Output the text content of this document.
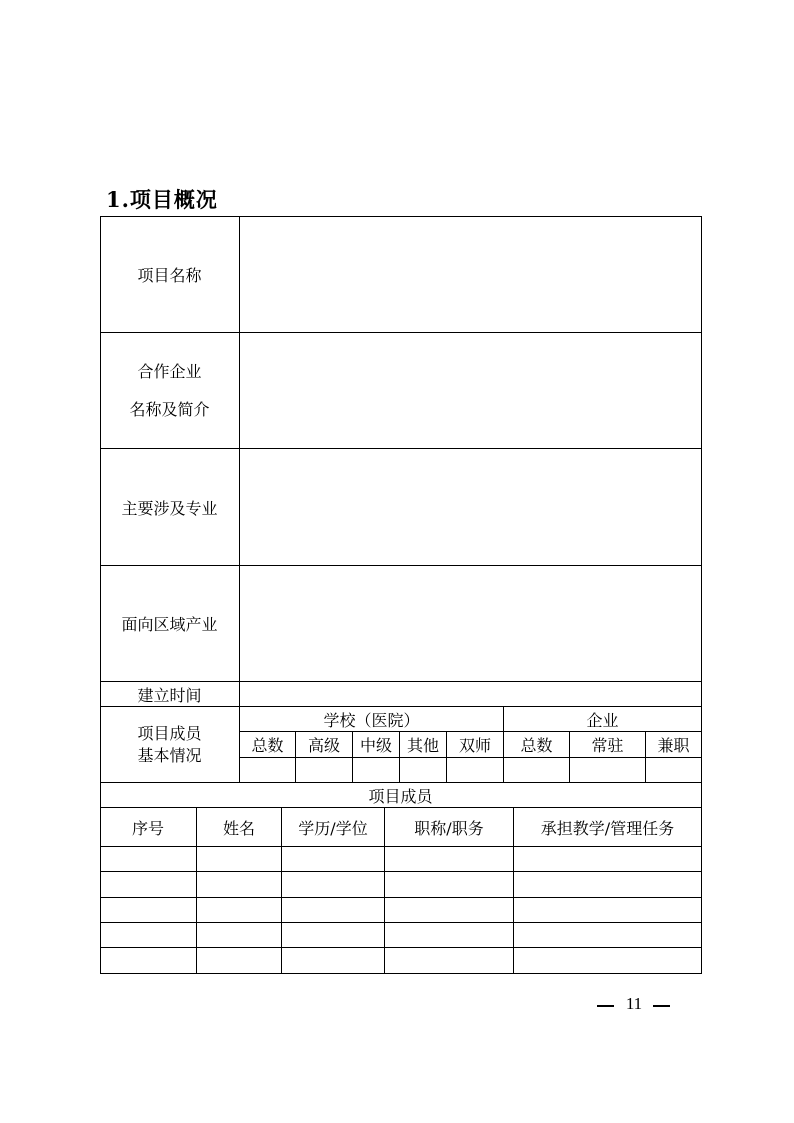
1.项目概况
项目名称
合作企业
名称及简介
主要涉及专业
面向区域产业
建立时间
项目成员
基本情况
学校（医院）	企业
总数	高级	中级 其他	双师	总数	常驻	兼职
项目成员
序号	姓名	学历/学位	职称/职务	承担教学/管理任务
11
